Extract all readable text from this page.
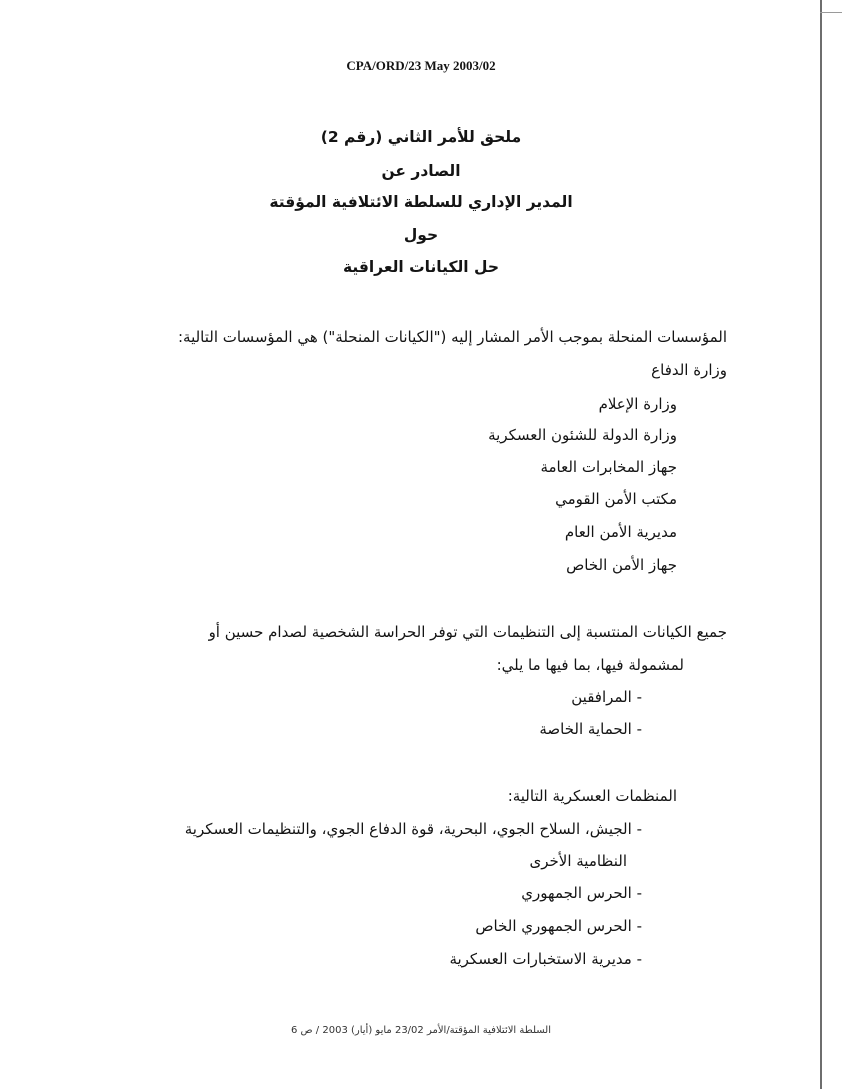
CPA/ORD/23 May 2003/02
ملحق للأمر الثاني (رقم 2)
الصادر عن
المدير الإداري للسلطة الائتلافية المؤقتة
حول
حل الكيانات العراقية
المؤسسات المنحلة بموجب الأمر المشار إليه ("الكيانات المنحلة") هي المؤسسات التالية:
وزارة الدفاع
وزارة الإعلام
وزارة الدولة للشئون العسكرية
جهاز المخابرات العامة
مكتب الأمن القومي
مديرية الأمن العام
جهاز الأمن الخاص
جميع الكيانات المنتسبة إلى التنظيمات التي توفر الحراسة الشخصية لصدام حسين أو
لمشمولة فيها، بما فيها ما يلي:
- المرافقين
- الحماية الخاصة
المنظمات العسكرية التالية:
- الجيش، السلاح الجوي، البحرية، قوة الدفاع الجوي، والتنظيمات العسكرية
النظامية الأخرى
- الحرس الجمهوري
- الحرس الجمهوري الخاص
- مديرية الاستخبارات العسكرية
السلطة الائتلافية المؤقتة/الأمر 23/02 مايو (أيار) 2003 / ص 6
